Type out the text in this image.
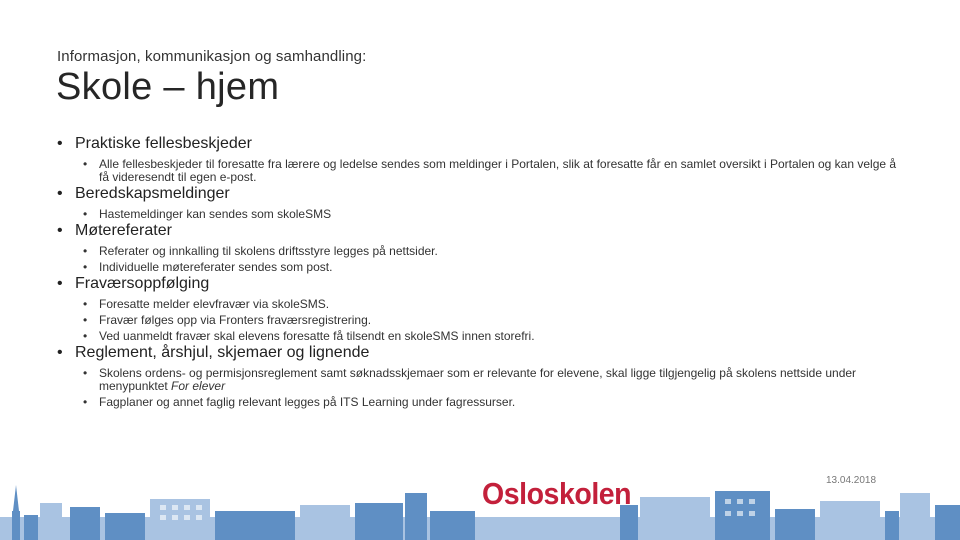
Informasjon, kommunikasjon og samhandling:
Skole – hjem
• Praktiske fellesbeskjeder
• Alle fellesbeskjeder til foresatte fra lærere og ledelse sendes som meldinger i Portalen, slik at foresatte får en samlet oversikt i Portalen og kan velge å få videresendt til egen e-post.
• Beredskapsmeldinger
• Hastemeldinger kan sendes som skoleSMS
• Møtereferater
• Referater og innkalling til skolens driftsstyre legges på nettsider.
• Individuelle møtereferater sendes som post.
• Fraværsoppfølging
• Foresatte melder elevfravær via skoleSMS.
• Fravær følges opp via Fronters fraværsregistrering.
• Ved uanmeldt fravær skal elevens foresatte få tilsendt en skoleSMS innen storefri.
• Reglement, årshjul, skjemaer og lignende
• Skolens ordens- og permisjonsreglement samt søknadsskjemaer som er relevante for elevene, skal ligge tilgjengelig på skolens nettside under menypunktet For elever
• Fagplaner og annet faglig relevant legges på ITS Learning under fagressurser.
13.04.2018
Osloskolen
